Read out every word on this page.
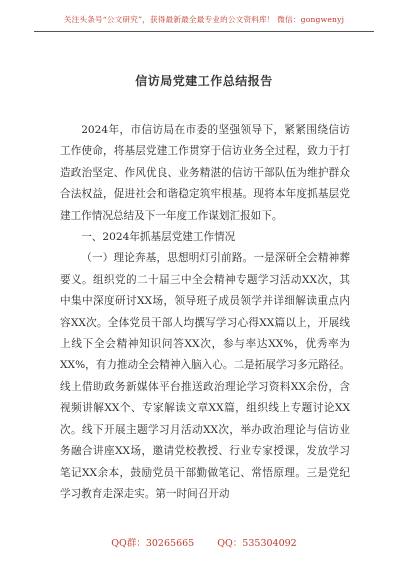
关注头条号“公文研究”，获得最新最全最专业的公文资料库！ 微信：gongwenyj
信访局党建工作总结报告

2024年，市信访局在市委的坚强领导下，紧紧围绕信访工作使命，将基层党建工作贯穿于信访业务全过程，致力于打造政治坚定、作风优良、业务精湛的信访干部队伍为维护群众合法权益，促进社会和谐稳定筑牢根基。现将本年度抓基层党建工作情况总结及下一年度工作谋划汇报如下。

一、2024年抓基层党建工作情况

（一）理论奔基，思想明灯引前路。一是深研全会精神葬要义。组织党的二十届三中全会精神专题学习活动XX次，其中集中深度研讨XX场，领导班子成员领学并详细解读重点内容XX次。全体党员干部人均撰写学习心得XX篇以上，开展线上线下全会精神知识问答XX次，参与率达XX%，优秀率为XX%，有力推动全会精神入脑入心。二是拓展学习多元路径。线上借助政务新媒体平台推送政治理论学习资料XX余份，含视频讲解XX个、专家解读文章XX篇，组织线上专题讨论XX次。线下开展主题学习月活动XX次，举办政治理论与信访业务融合讲座XX场，邀请党校教授、行业专家授课，发放学习笔记XX余本，鼓励党员干部勤做笔记、常悟原理。三是党纪学习教育走深走实。第一时间召开动

QQ群：30265665 QQ：535304092
